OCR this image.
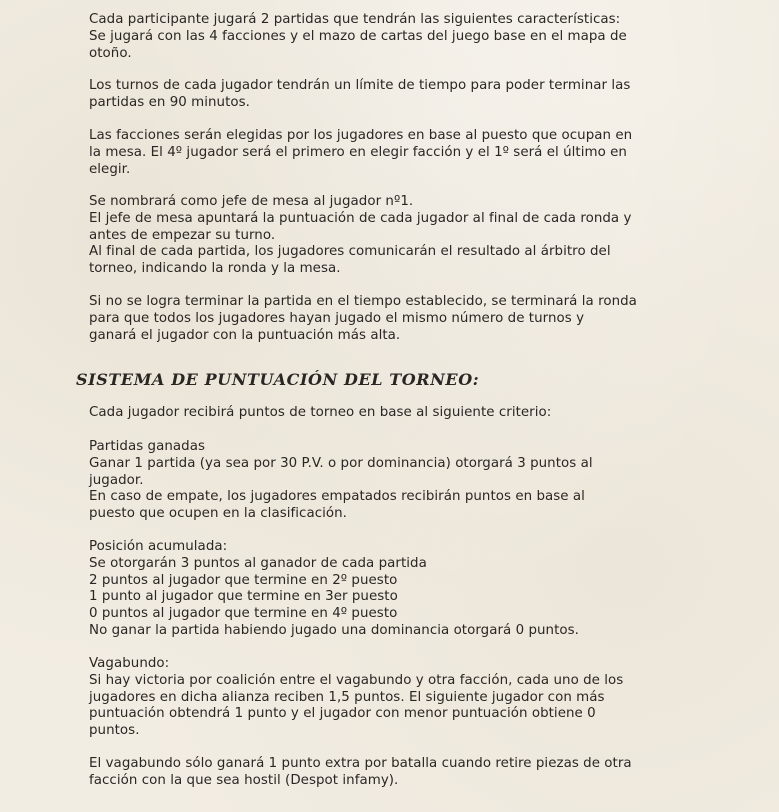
Cada participante jugará 2 partidas que tendrán las siguientes características:
Se jugará con las 4 facciones y el mazo de cartas del juego base en el mapa de
otoño.
Los turnos de cada jugador tendrán un límite de tiempo para poder terminar las
partidas en 90 minutos.
Las facciones serán elegidas por los jugadores en base al puesto que ocupan en
la mesa. El 4º jugador será el primero en elegir facción y el 1º será el último en
elegir.
Se nombrará como jefe de mesa al jugador nº1.
El jefe de mesa apuntará la puntuación de cada jugador al final de cada ronda y
antes de empezar su turno.
Al final de cada partida, los jugadores comunicarán el resultado al árbitro del
torneo, indicando la ronda y la mesa.
Si no se logra terminar la partida en el tiempo establecido, se terminará la ronda
para que todos los jugadores hayan jugado el mismo número de turnos y
ganará el jugador con la puntuación más alta.
SISTEMA DE PUNTUACIÓN DEL TORNEO:
Cada jugador recibirá puntos de torneo en base al siguiente criterio:
Partidas ganadas
Ganar 1 partida (ya sea por 30 P.V. o por dominancia) otorgará 3 puntos al
jugador.
En caso de empate, los jugadores empatados recibirán puntos en base al
puesto que ocupen en la clasificación.
Posición acumulada:
Se otorgarán 3 puntos al ganador de cada partida
2 puntos al jugador que termine en 2º puesto
1 punto al jugador que termine en 3er puesto
0 puntos al jugador que termine en 4º puesto
No ganar la partida habiendo jugado una dominancia otorgará 0 puntos.
Vagabundo:
Si hay victoria por coalición entre el vagabundo y otra facción, cada uno de los
jugadores en dicha alianza reciben 1,5 puntos. El siguiente jugador con más
puntuación obtendrá 1 punto y el jugador con menor puntuación obtiene 0
puntos.
El vagabundo sólo ganará 1 punto extra por batalla cuando retire piezas de otra
facción con la que sea hostil (Despot infamy).
